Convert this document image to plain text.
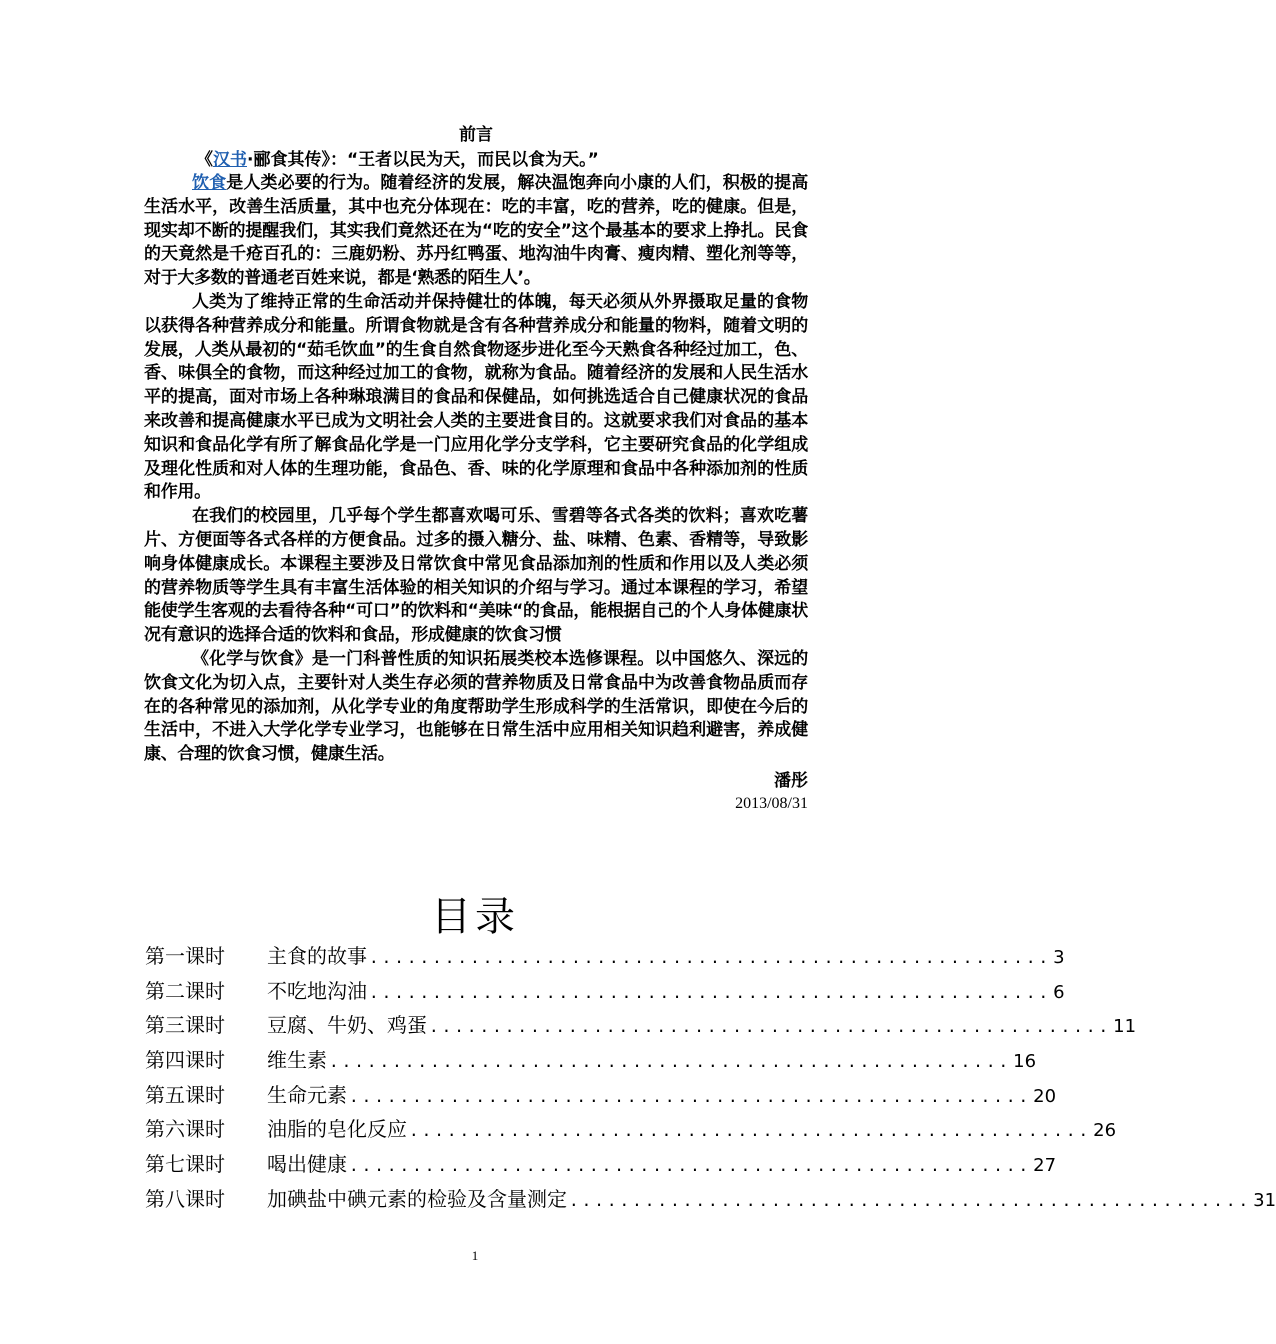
前言
《汉书·郦食其传》：“王者以民为天，而民以食为天。”

饮食是人类必要的行为。随着经济的发展，解决温饱奔向小康的人们，积极的提高生活水平，改善生活质量，其中也充分体现在：吃的丰富，吃的营养，吃的健康。但是，现实却不断的提醒我们，其实我们竟然还在为“吃的安全”这个最基本的要求上挣扎。民食的天竟然是千疮百孔的：三鹿奶粉、苏丹红鸭蛋、地沟油牛肉膏、瘦肉精、塑化剂等等，对于大多数的普通老百姓来说，都是‘熟悉的陌生人’。

人类为了维持正常的生命活动并保持健壮的体魄，每天必须从外界摄取足量的食物以获得各种营养成分和能量。所谓食物就是含有各种营养成分和能量的物料，随着文明的发展，人类从最初的“茹毛饮血”的生食自然食物逐步进化至今天熟食各种经过加工，色、香、味俱全的食物，而这种经过加工的食物，就称为食品。随着经济的发展和人民生活水平的提高，面对市场上各种琳琅满目的食品和保健品，如何挑选适合自己健康状况的食品来改善和提高健康水平已成为文明社会人类的主要进食目的。这就要求我们对食品的基本知识和食品化学有所了解食品化学是一门应用化学分支学科，它主要研究食品的化学组成及理化性质和对人体的生理功能，食品色、香、味的化学原理和食品中各种添加剂的性质和作用。

在我们的校园里，几乎每个学生都喜欢喝可乐、雪碧等各式各类的饮料；喜欢吃薯片、方便面等各式各样的方便食品。过多的摄入糖分、盐、味精、色素、香精等，导致影响身体健康成长。本课程主要涉及日常饮食中常见食品添加剂的性质和作用以及人类必须的营养物质等学生具有丰富生活体验的相关知识的介绍与学习。通过本课程的学习，希望能使学生客观的去看待各种“可口”的饮料和“美味“的食品，能根据自己的个人身体健康状况有意识的选择合适的饮料和食品，形成健康的饮食习惯

《化学与饮食》是一门科普性质的知识拓展类校本选修课程。以中国悠久、深远的饮食文化为切入点，主要针对人类生存必须的营养物质及日常食品中为改善食物品质而存在的各种常见的添加剂，从化学专业的角度帮助学生形成科学的生活常识，即使在今后的生活中，不进入大学化学专业学习，也能够在日常生活中应用相关知识趋利避害，养成健康、合理的饮食习惯，健康生活。

潘彤
2013/08/31
目录
第一课时	主食的故事 ...................................................... 3
第二课时	不吃地沟油 ...................................................... 6
第三课时	豆腐、牛奶、鸡蛋 ...................................................... 11
第四课时	维生素 ...................................................... 16
第五课时	生命元素 ...................................................... 20
第六课时	油脂的皂化反应 ...................................................... 26
第七课时	喝出健康 ...................................................... 27
第八课时	加碘盐中碘元素的检验及含量测定 ...................................................... 31
1
